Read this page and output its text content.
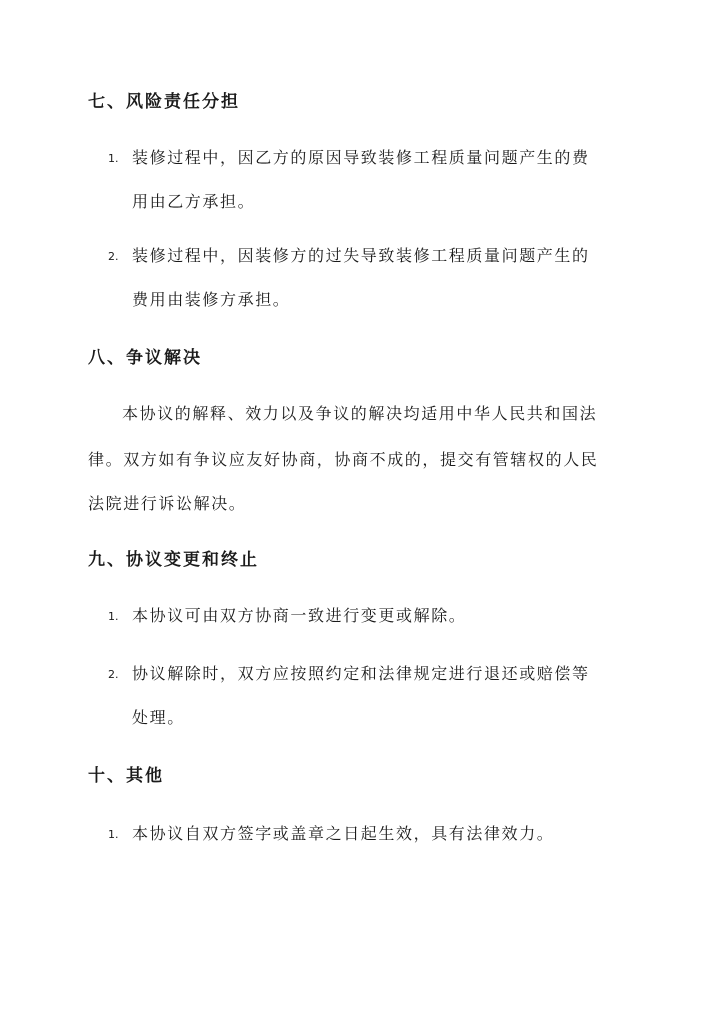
七、风险责任分担
1. 装修过程中，因乙方的原因导致装修工程质量问题产生的费
用由乙方承担。
2. 装修过程中，因装修方的过失导致装修工程质量问题产生的
费用由装修方承担。
八、争议解决
本协议的解释、效力以及争议的解决均适用中华人民共和国法
律。双方如有争议应友好协商，协商不成的，提交有管辖权的人民
法院进行诉讼解决。
九、协议变更和终止
1. 本协议可由双方协商一致进行变更或解除。
2. 协议解除时，双方应按照约定和法律规定进行退还或赔偿等
处理。
十、其他
1. 本协议自双方签字或盖章之日起生效，具有法律效力。
